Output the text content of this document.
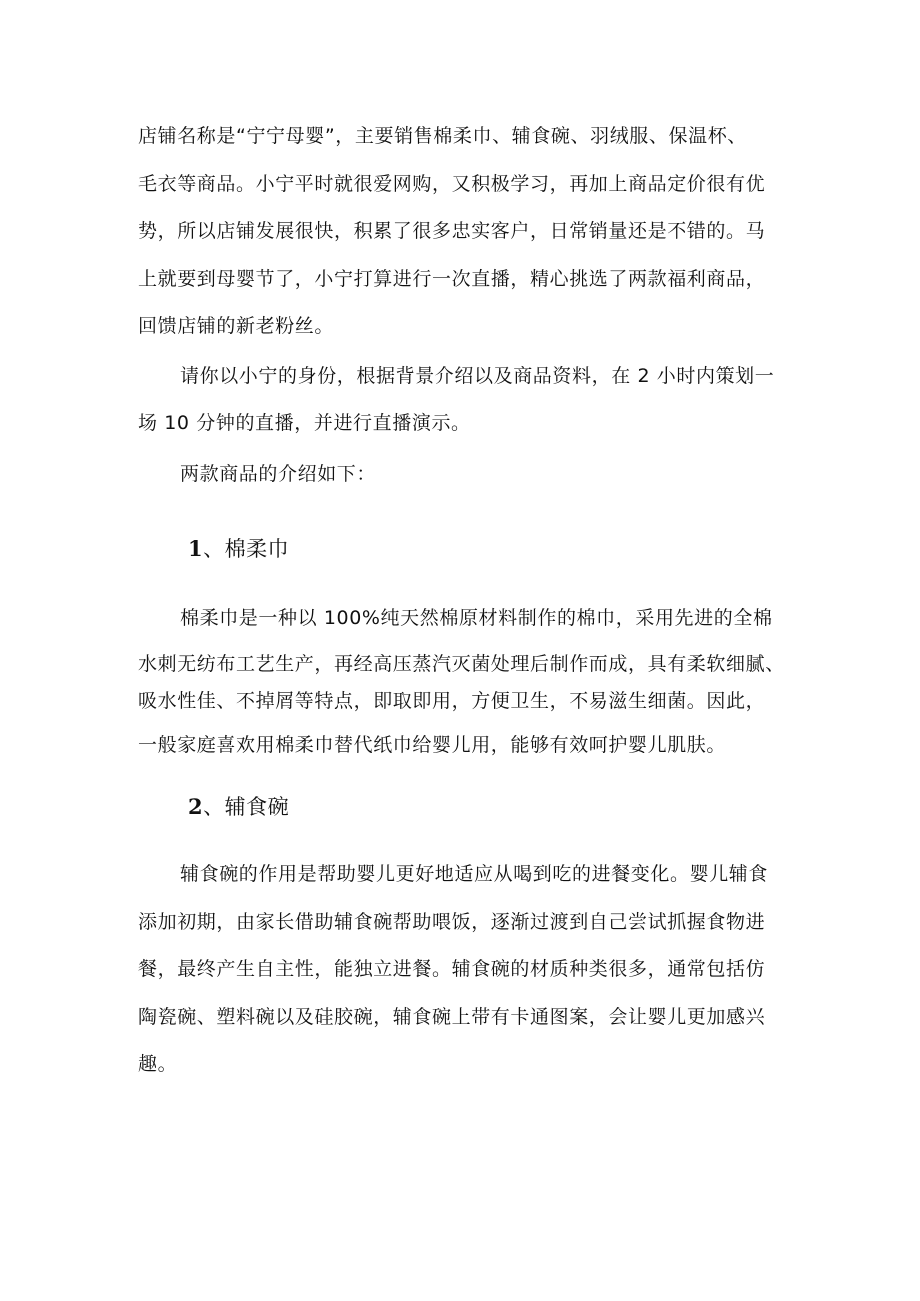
店铺名称是“宁宁母婴”，主要销售棉柔巾、辅食碗、羽绒服、保温杯、
毛衣等商品。小宁平时就很爱网购，又积极学习，再加上商品定价很有优
势，所以店铺发展很快，积累了很多忠实客户，日常销量还是不错的。马
上就要到母婴节了，小宁打算进行一次直播，精心挑选了两款福利商品，
回馈店铺的新老粉丝。
请你以小宁的身份，根据背景介绍以及商品资料，在 2 小时内策划一
场 10 分钟的直播，并进行直播演示。
两款商品的介绍如下：
1、棉柔巾
棉柔巾是一种以 100%纯天然棉原材料制作的棉巾，采用先进的全棉
水刺无纺布工艺生产，再经高压蒸汽灭菌处理后制作而成，具有柔软细腻、
吸水性佳、不掉屑等特点，即取即用，方便卫生，不易滋生细菌。因此，
一般家庭喜欢用棉柔巾替代纸巾给婴儿用，能够有效呵护婴儿肌肤。
2、辅食碗
辅食碗的作用是帮助婴儿更好地适应从喝到吃的进餐变化。婴儿辅食
添加初期，由家长借助辅食碗帮助喂饭，逐渐过渡到自己尝试抓握食物进
餐，最终产生自主性，能独立进餐。辅食碗的材质种类很多，通常包括仿
陶瓷碗、塑料碗以及硅胶碗，辅食碗上带有卡通图案，会让婴儿更加感兴
趣。
